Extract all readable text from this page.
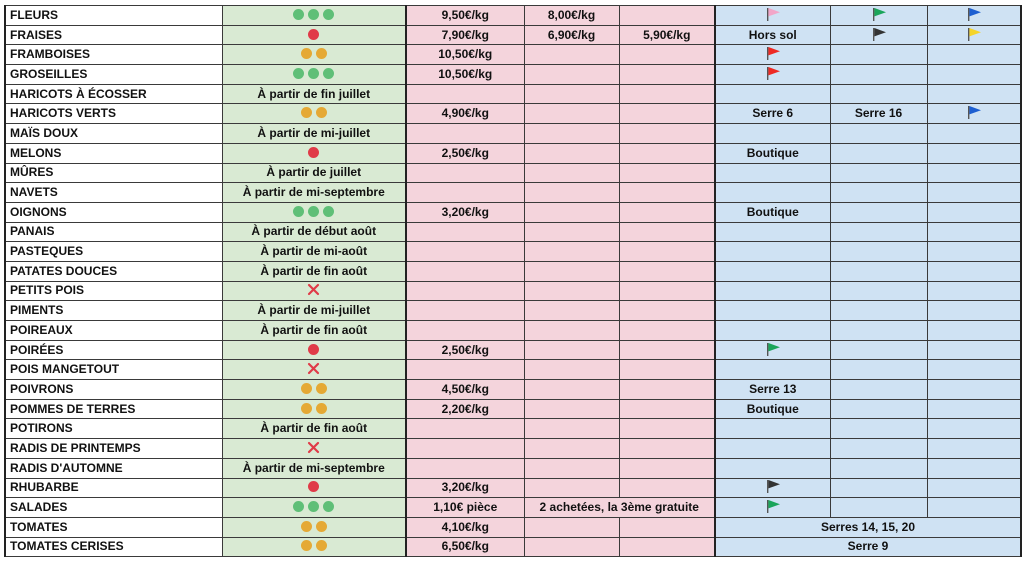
FLEURS		9,50€/kg	8,00€/kg				
FRAISES		7,90€/kg	6,90€/kg	5,90€/kg	Hors sol		
FRAMBOISES		10,50€/kg					
GROSEILLES		10,50€/kg					
HARICOTS À ÉCOSSER	À partir de fin juillet						
HARICOTS VERTS		4,90€/kg			Serre 6	Serre 16	
MAÏS DOUX	À partir de mi-juillet						
MELONS		2,50€/kg			Boutique		
MÛRES	À partir de juillet						
NAVETS	À partir de mi-septembre						
OIGNONS		3,20€/kg			Boutique		
PANAIS	À partir de début août						
PASTEQUES	À partir de mi-août						
PATATES DOUCES	À partir de fin août						
PETITS POIS							
PIMENTS	À partir de mi-juillet						
POIREAUX	À partir de fin août						
POIRÉES		2,50€/kg					
POIS MANGETOUT							
POIVRONS		4,50€/kg			Serre 13		
POMMES DE TERRES		2,20€/kg			Boutique		
POTIRONS	À partir de fin août						
RADIS DE PRINTEMPS							
RADIS D'AUTOMNE	À partir de mi-septembre						
RHUBARBE		3,20€/kg					
SALADES		1,10€ pièce	2 achetées, la 3ème gratuite			
TOMATES		4,10€/kg			Serres 14, 15, 20		
TOMATES CERISES		6,50€/kg			Serre 9		
